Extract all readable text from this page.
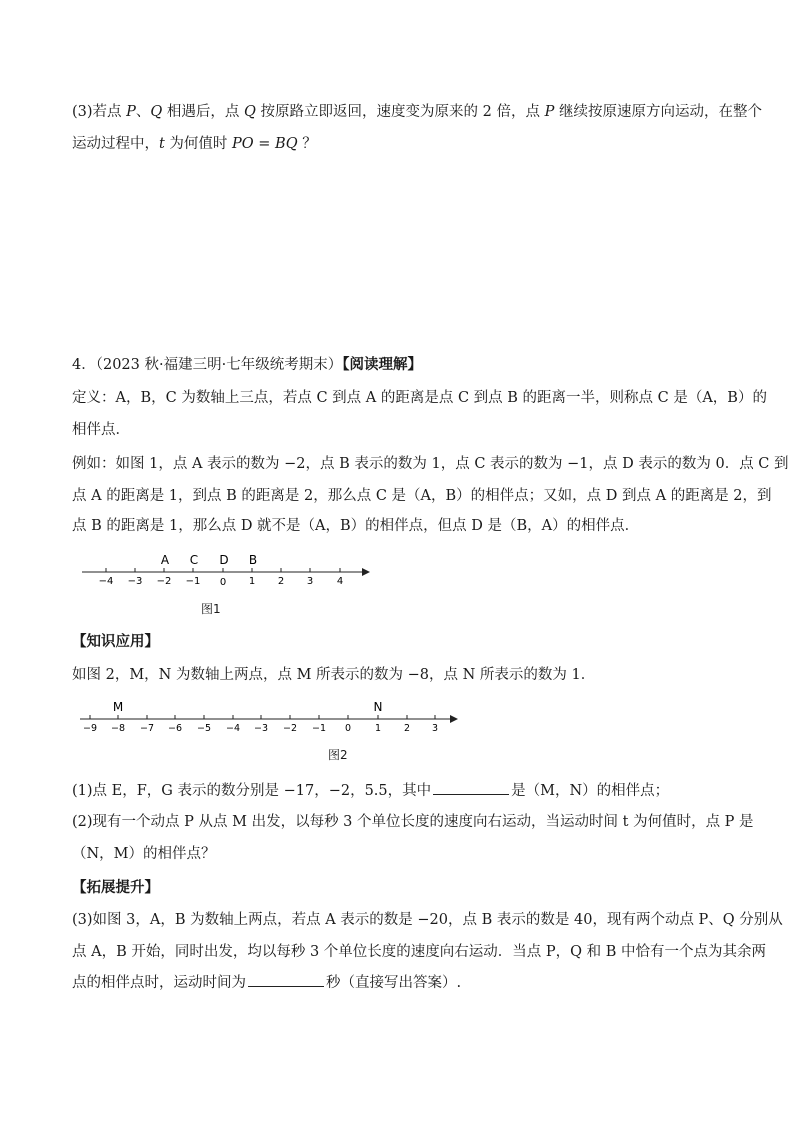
(3)若点 P、Q 相遇后，点 Q 按原路立即返回，速度变为原来的 2 倍，点 P 继续按原速原方向运动，在整个
运动过程中，t 为何值时 PO = BQ ？
4．（2023 秋·福建三明·七年级统考期末）【阅读理解】
定义：A，B，C 为数轴上三点，若点 C 到点 A 的距离是点 C 到点 B 的距离一半，则称点 C 是（A，B）的
相伴点．
例如：如图 1，点 A 表示的数为 −2，点 B 表示的数为 1，点 C 表示的数为 −1，点 D 表示的数为 0．点 C 到
点 A 的距离是 1，到点 B 的距离是 2，那么点 C 是（A，B）的相伴点；又如，点 D 到点 A 的距离是 2，到
点 B 的距离是 1，那么点 D 就不是（A，B）的相伴点，但点 D 是（B，A）的相伴点．
−4 −3 −2 −1 0 1 2 3 4
A C D B
图1
【知识应用】
如图 2，M，N 为数轴上两点，点 M 所表示的数为 −8，点 N 所表示的数为 1．
−9 −8 −7 −6 −5 −4 −3 −2 −1 0	1 2 3
M	N
图2
(1)点 E，F，G 表示的数分别是 −17，−2，5.5，其中	是（M，N）的相伴点；
(2)现有一个动点 P 从点 M 出发，以每秒 3 个单位长度的速度向右运动，当运动时间 t 为何值时，点 P 是
（N，M）的相伴点？
【拓展提升】
(3)如图 3，A，B 为数轴上两点，若点 A 表示的数是 −20，点 B 表示的数是 40，现有两个动点 P、Q 分别从
点 A，B 开始，同时出发，均以每秒 3 个单位长度的速度向右运动．当点 P，Q 和 B 中恰有一个点为其余两
点的相伴点时，运动时间为	秒（直接写出答案）.
